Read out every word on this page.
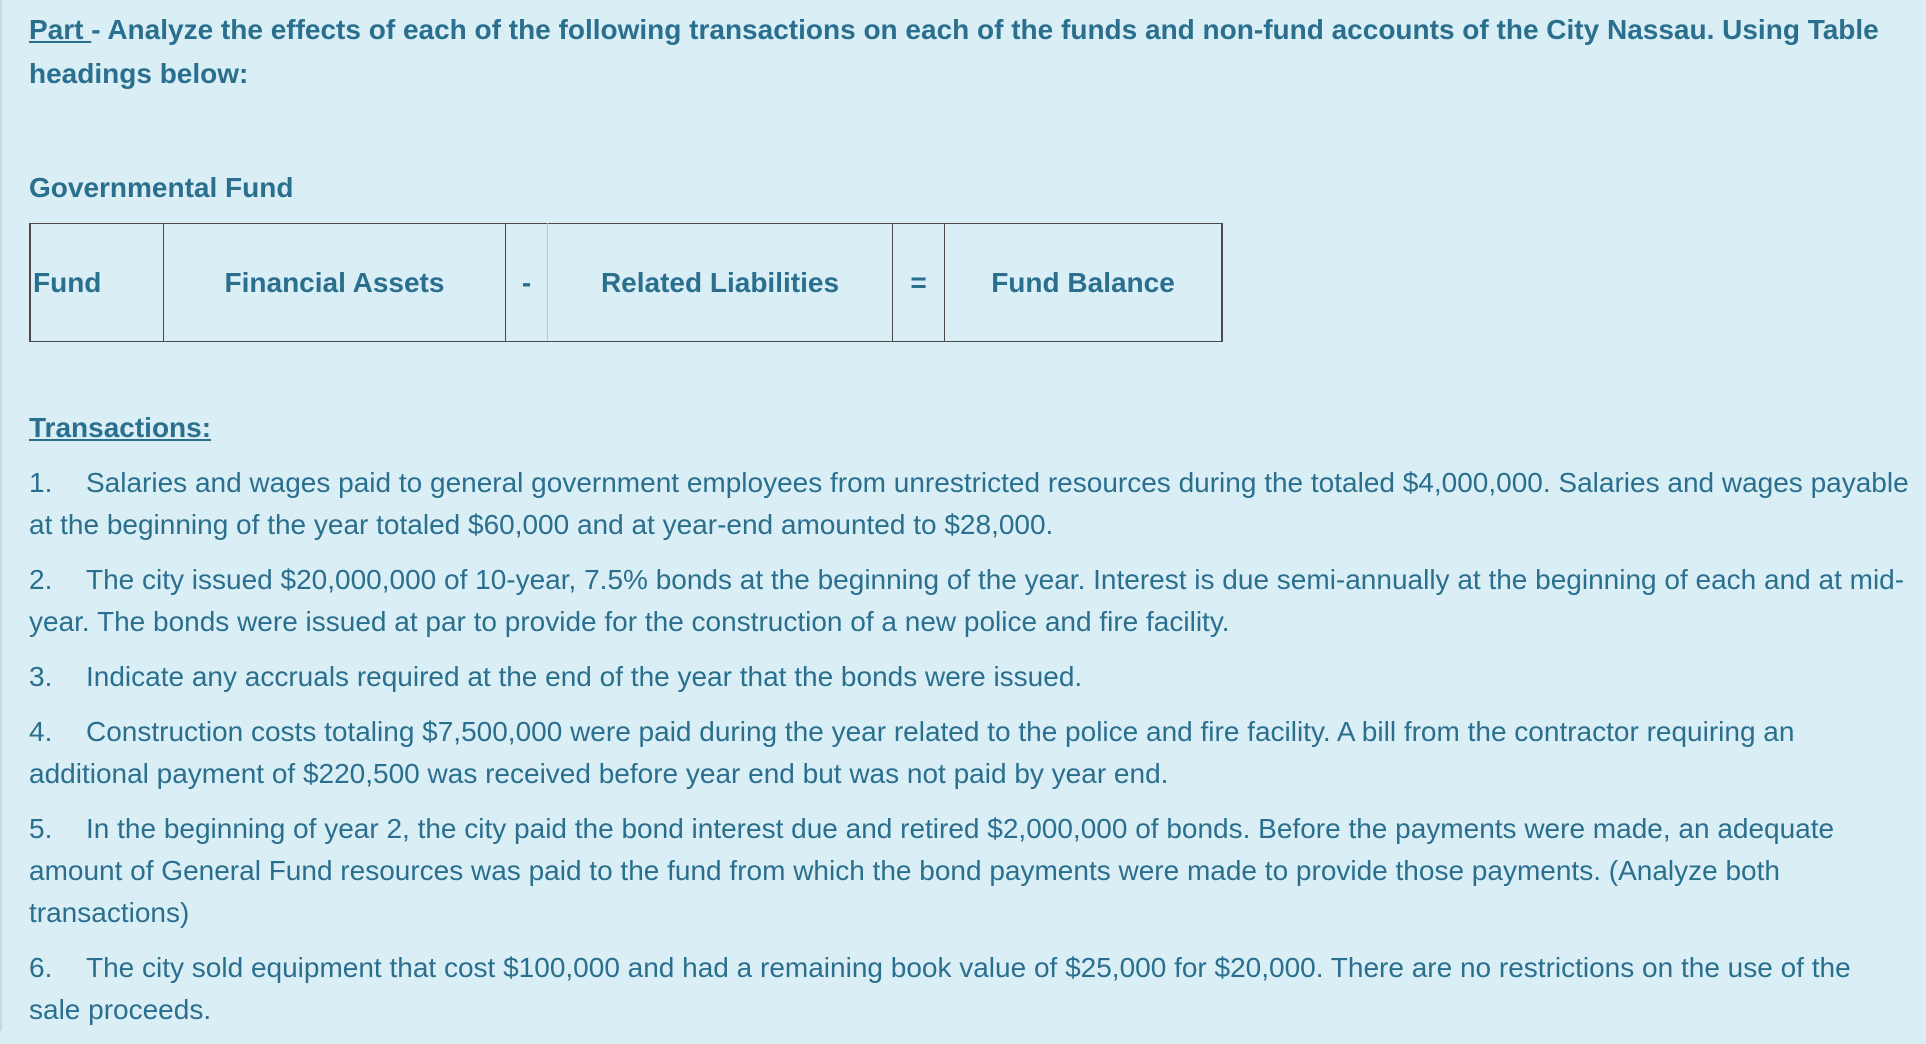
Part - Analyze the effects of each of the following transactions on each of the funds and non-fund accounts of the City Nassau. Using Table headings below:

Governmental Fund

Fund	Financial Assets	-	Related Liabilities	=	Fund Balance

Transactions:

1. Salaries and wages paid to general government employees from unrestricted resources during the totaled $4,000,000. Salaries and wages payable at the beginning of the year totaled $60,000 and at year-end amounted to $28,000.

2. The city issued $20,000,000 of 10-year, 7.5% bonds at the beginning of the year. Interest is due semi-annually at the beginning of each and at mid-year. The bonds were issued at par to provide for the construction of a new police and fire facility.

3. Indicate any accruals required at the end of the year that the bonds were issued.

4. Construction costs totaling $7,500,000 were paid during the year related to the police and fire facility. A bill from the contractor requiring an additional payment of $220,500 was received before year end but was not paid by year end.

5. In the beginning of year 2, the city paid the bond interest due and retired $2,000,000 of bonds. Before the payments were made, an adequate amount of General Fund resources was paid to the fund from which the bond payments were made to provide those payments. (Analyze both transactions)

6. The city sold equipment that cost $100,000 and had a remaining book value of $25,000 for $20,000. There are no restrictions on the use of the sale proceeds.
